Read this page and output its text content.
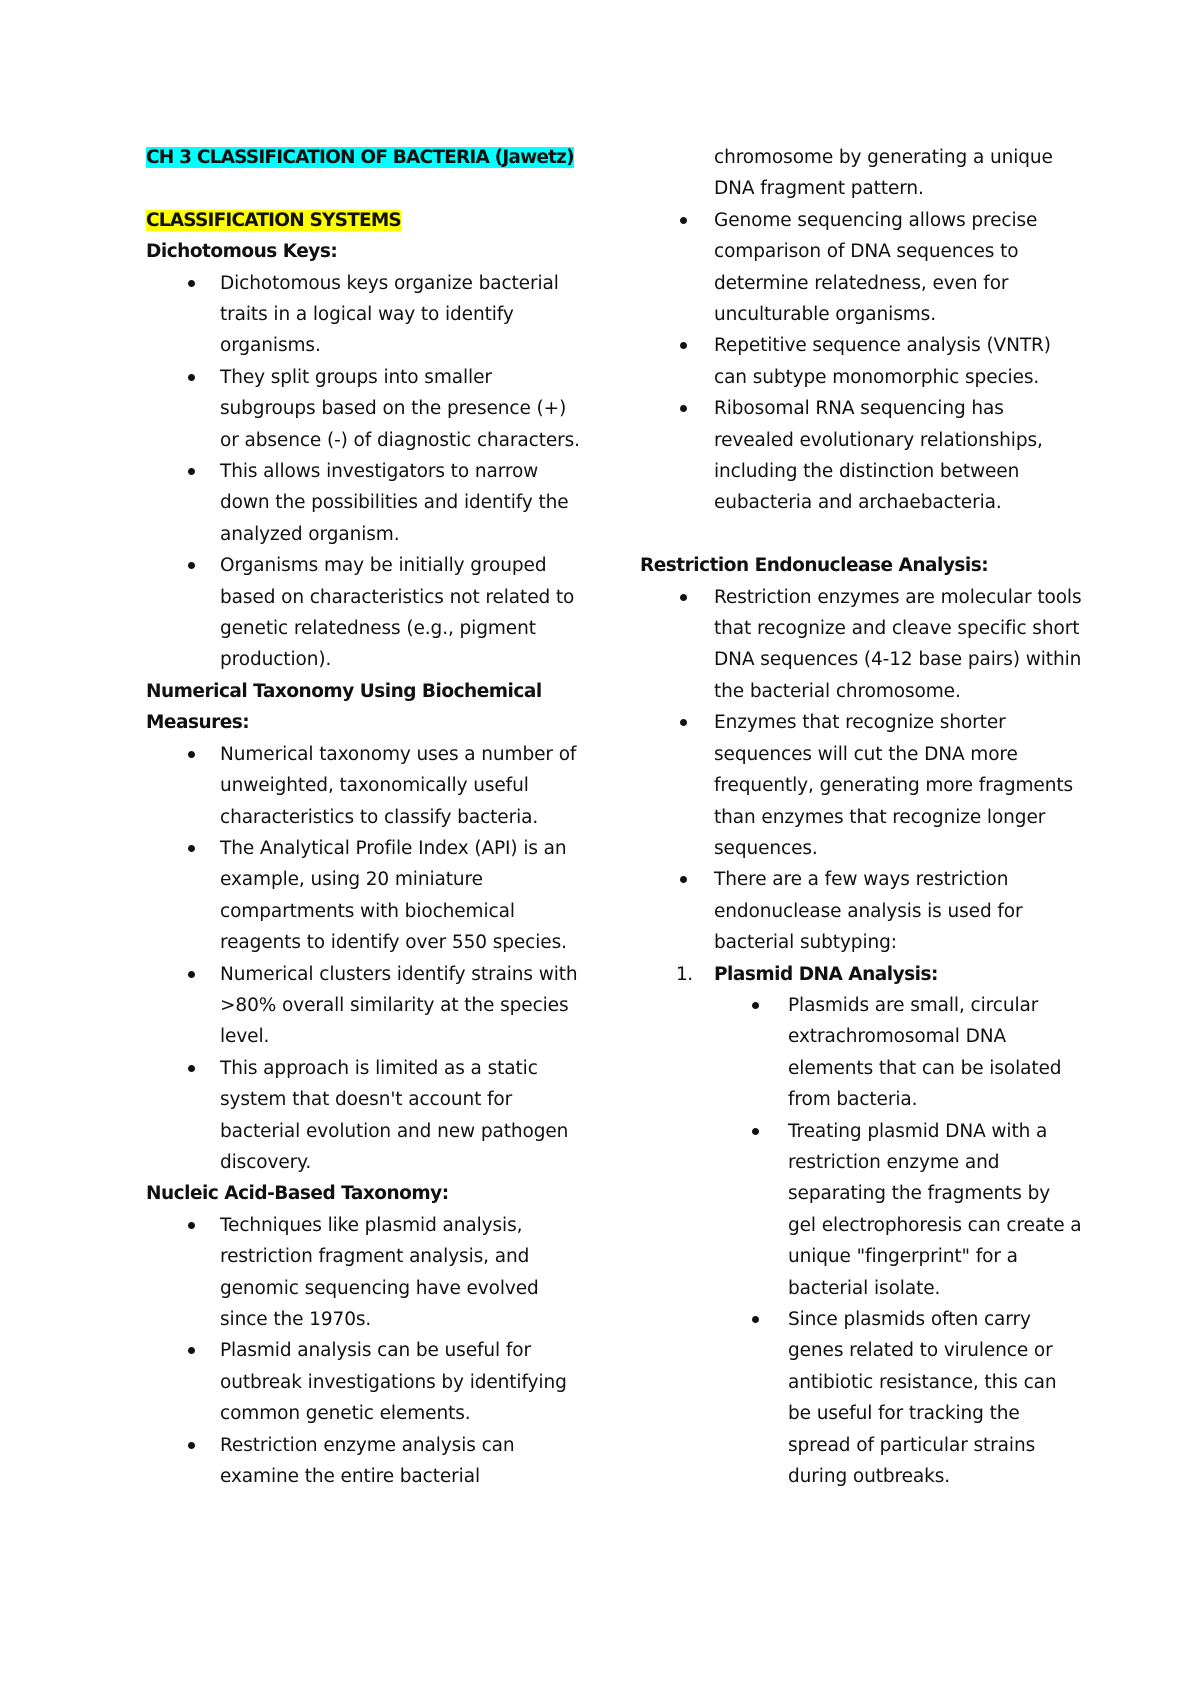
CH 3 CLASSIFICATION OF BACTERIA (Jawetz)

CLASSIFICATION SYSTEMS

Dichotomous Keys:

Dichotomous keys organize bacterial traits in a logical way to identify organisms.
They split groups into smaller subgroups based on the presence (+) or absence (-) of diagnostic characters.
This allows investigators to narrow down the possibilities and identify the analyzed organism.
Organisms may be initially grouped based on characteristics not related to genetic relatedness (e.g., pigment production).

Numerical Taxonomy Using Biochemical Measures:

Numerical taxonomy uses a number of unweighted, taxonomically useful characteristics to classify bacteria.
The Analytical Profile Index (API) is an example, using 20 miniature compartments with biochemical reagents to identify over 550 species.
Numerical clusters identify strains with >80% overall similarity at the species level.
This approach is limited as a static system that doesn't account for bacterial evolution and new pathogen discovery.

Nucleic Acid-Based Taxonomy:

Techniques like plasmid analysis, restriction fragment analysis, and genomic sequencing have evolved since the 1970s.
Plasmid analysis can be useful for outbreak investigations by identifying common genetic elements.
Restriction enzyme analysis can examine the entire bacterial
chromosome by generating a unique DNA fragment pattern.
Genome sequencing allows precise comparison of DNA sequences to determine relatedness, even for unculturable organisms.
Repetitive sequence analysis (VNTR) can subtype monomorphic species.
Ribosomal RNA sequencing has revealed evolutionary relationships, including the distinction between eubacteria and archaebacteria.

Restriction Endonuclease Analysis:

Restriction enzymes are molecular tools that recognize and cleave specific short DNA sequences (4-12 base pairs) within the bacterial chromosome.
Enzymes that recognize shorter sequences will cut the DNA more frequently, generating more fragments than enzymes that recognize longer sequences.
There are a few ways restriction endonuclease analysis is used for bacterial subtyping:
1. Plasmid DNA Analysis:
Plasmids are small, circular extrachromosomal DNA elements that can be isolated from bacteria.
Treating plasmid DNA with a restriction enzyme and separating the fragments by gel electrophoresis can create a unique "fingerprint" for a bacterial isolate.
Since plasmids often carry genes related to virulence or antibiotic resistance, this can be useful for tracking the spread of particular strains during outbreaks.
